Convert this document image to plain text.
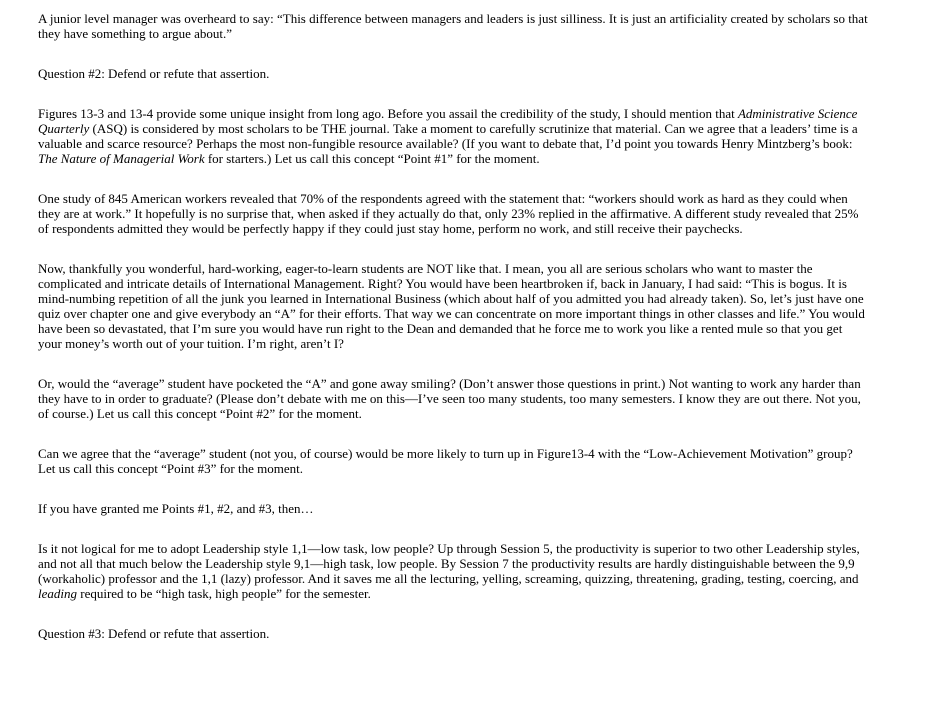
A junior level manager was overheard to say: “This difference between managers and leaders is just silliness. It is just an artificiality created by scholars so that they have something to argue about.”

Question #2: Defend or refute that assertion.

Figures 13-3 and 13-4 provide some unique insight from long ago. Before you assail the credibility of the study, I should mention that Administrative Science Quarterly (ASQ) is considered by most scholars to be THE journal. Take a moment to carefully scrutinize that material. Can we agree that a leaders’ time is a valuable and scarce resource? Perhaps the most non-fungible resource available? (If you want to debate that, I’d point you towards Henry Mintzberg’s book: The Nature of Managerial Work for starters.) Let us call this concept “Point #1” for the moment.

One study of 845 American workers revealed that 70% of the respondents agreed with the statement that: “workers should work as hard as they could when they are at work.” It hopefully is no surprise that, when asked if they actually do that, only 23% replied in the affirmative. A different study revealed that 25% of respondents admitted they would be perfectly happy if they could just stay home, perform no work, and still receive their paychecks.

Now, thankfully you wonderful, hard-working, eager-to-learn students are NOT like that. I mean, you all are serious scholars who want to master the complicated and intricate details of International Management. Right? You would have been heartbroken if, back in January, I had said: “This is bogus. It is mind-numbing repetition of all the junk you learned in International Business (which about half of you admitted you had already taken). So, let’s just have one quiz over chapter one and give everybody an “A” for their efforts. That way we can concentrate on more important things in other classes and life.” You would have been so devastated, that I’m sure you would have run right to the Dean and demanded that he force me to work you like a rented mule so that you get your money’s worth out of your tuition. I’m right, aren’t I?

Or, would the “average” student have pocketed the “A” and gone away smiling? (Don’t answer those questions in print.) Not wanting to work any harder than they have to in order to graduate? (Please don’t debate with me on this—I’ve seen too many students, too many semesters. I know they are out there. Not you, of course.) Let us call this concept “Point #2” for the moment.

Can we agree that the “average” student (not you, of course) would be more likely to turn up in Figure13-4 with the “Low-Achievement Motivation” group? Let us call this concept “Point #3” for the moment.

If you have granted me Points #1, #2, and #3, then…

Is it not logical for me to adopt Leadership style 1,1—low task, low people? Up through Session 5, the productivity is superior to two other Leadership styles, and not all that much below the Leadership style 9,1—high task, low people. By Session 7 the productivity results are hardly distinguishable between the 9,9 (workaholic) professor and the 1,1 (lazy) professor. And it saves me all the lecturing, yelling, screaming, quizzing, threatening, grading, testing, coercing, and leading required to be “high task, high people” for the semester.

Question #3: Defend or refute that assertion.
